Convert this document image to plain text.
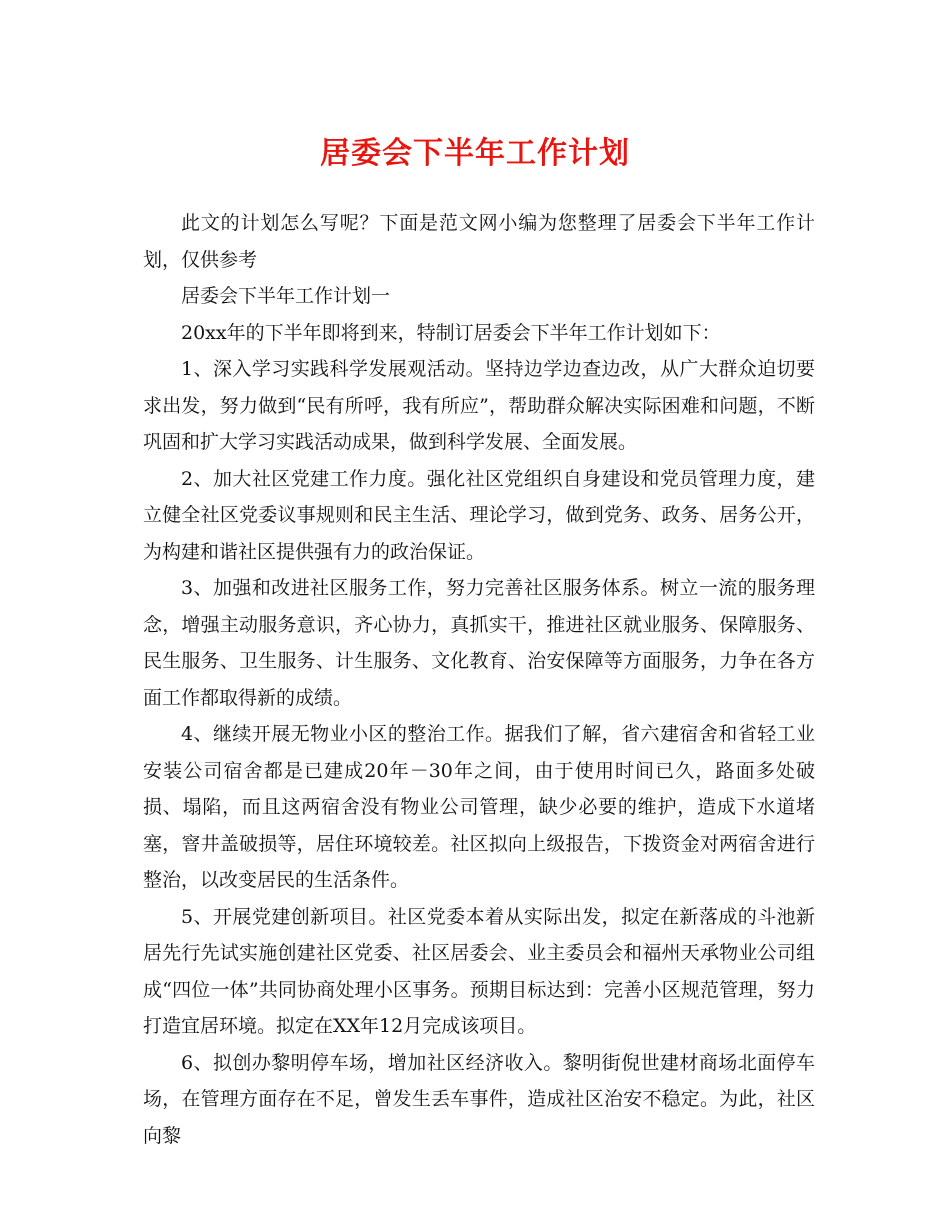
居委会下半年工作计划

此文的计划怎么写呢？下面是范文网小编为您整理了居委会下半年工作计划，仅供参考

居委会下半年工作计划一

20xx年的下半年即将到来，特制订居委会下半年工作计划如下：

1、深入学习实践科学发展观活动。坚持边学边查边改，从广大群众迫切要求出发，努力做到“民有所呼，我有所应”，帮助群众解决实际困难和问题，不断巩固和扩大学习实践活动成果，做到科学发展、全面发展。

2、加大社区党建工作力度。强化社区党组织自身建设和党员管理力度，建立健全社区党委议事规则和民主生活、理论学习，做到党务、政务、居务公开，为构建和谐社区提供强有力的政治保证。

3、加强和改进社区服务工作，努力完善社区服务体系。树立一流的服务理念，增强主动服务意识，齐心协力，真抓实干，推进社区就业服务、保障服务、民生服务、卫生服务、计生服务、文化教育、治安保障等方面服务，力争在各方面工作都取得新的成绩。

4、继续开展无物业小区的整治工作。据我们了解，省六建宿舍和省轻工业安装公司宿舍都是已建成20年－30年之间，由于使用时间已久，路面多处破损、塌陷，而且这两宿舍没有物业公司管理，缺少必要的维护，造成下水道堵塞，窨井盖破损等，居住环境较差。社区拟向上级报告，下拨资金对两宿舍进行整治，以改变居民的生活条件。

5、开展党建创新项目。社区党委本着从实际出发，拟定在新落成的斗池新居先行先试实施创建社区党委、社区居委会、业主委员会和福州天承物业公司组成“四位一体”共同协商处理小区事务。预期目标达到：完善小区规范管理，努力打造宜居环境。拟定在XX年12月完成该项目。

6、拟创办黎明停车场，增加社区经济收入。黎明街倪世建材商场北面停车场，在管理方面存在不足，曾发生丢车事件，造成社区治安不稳定。为此，社区向黎
